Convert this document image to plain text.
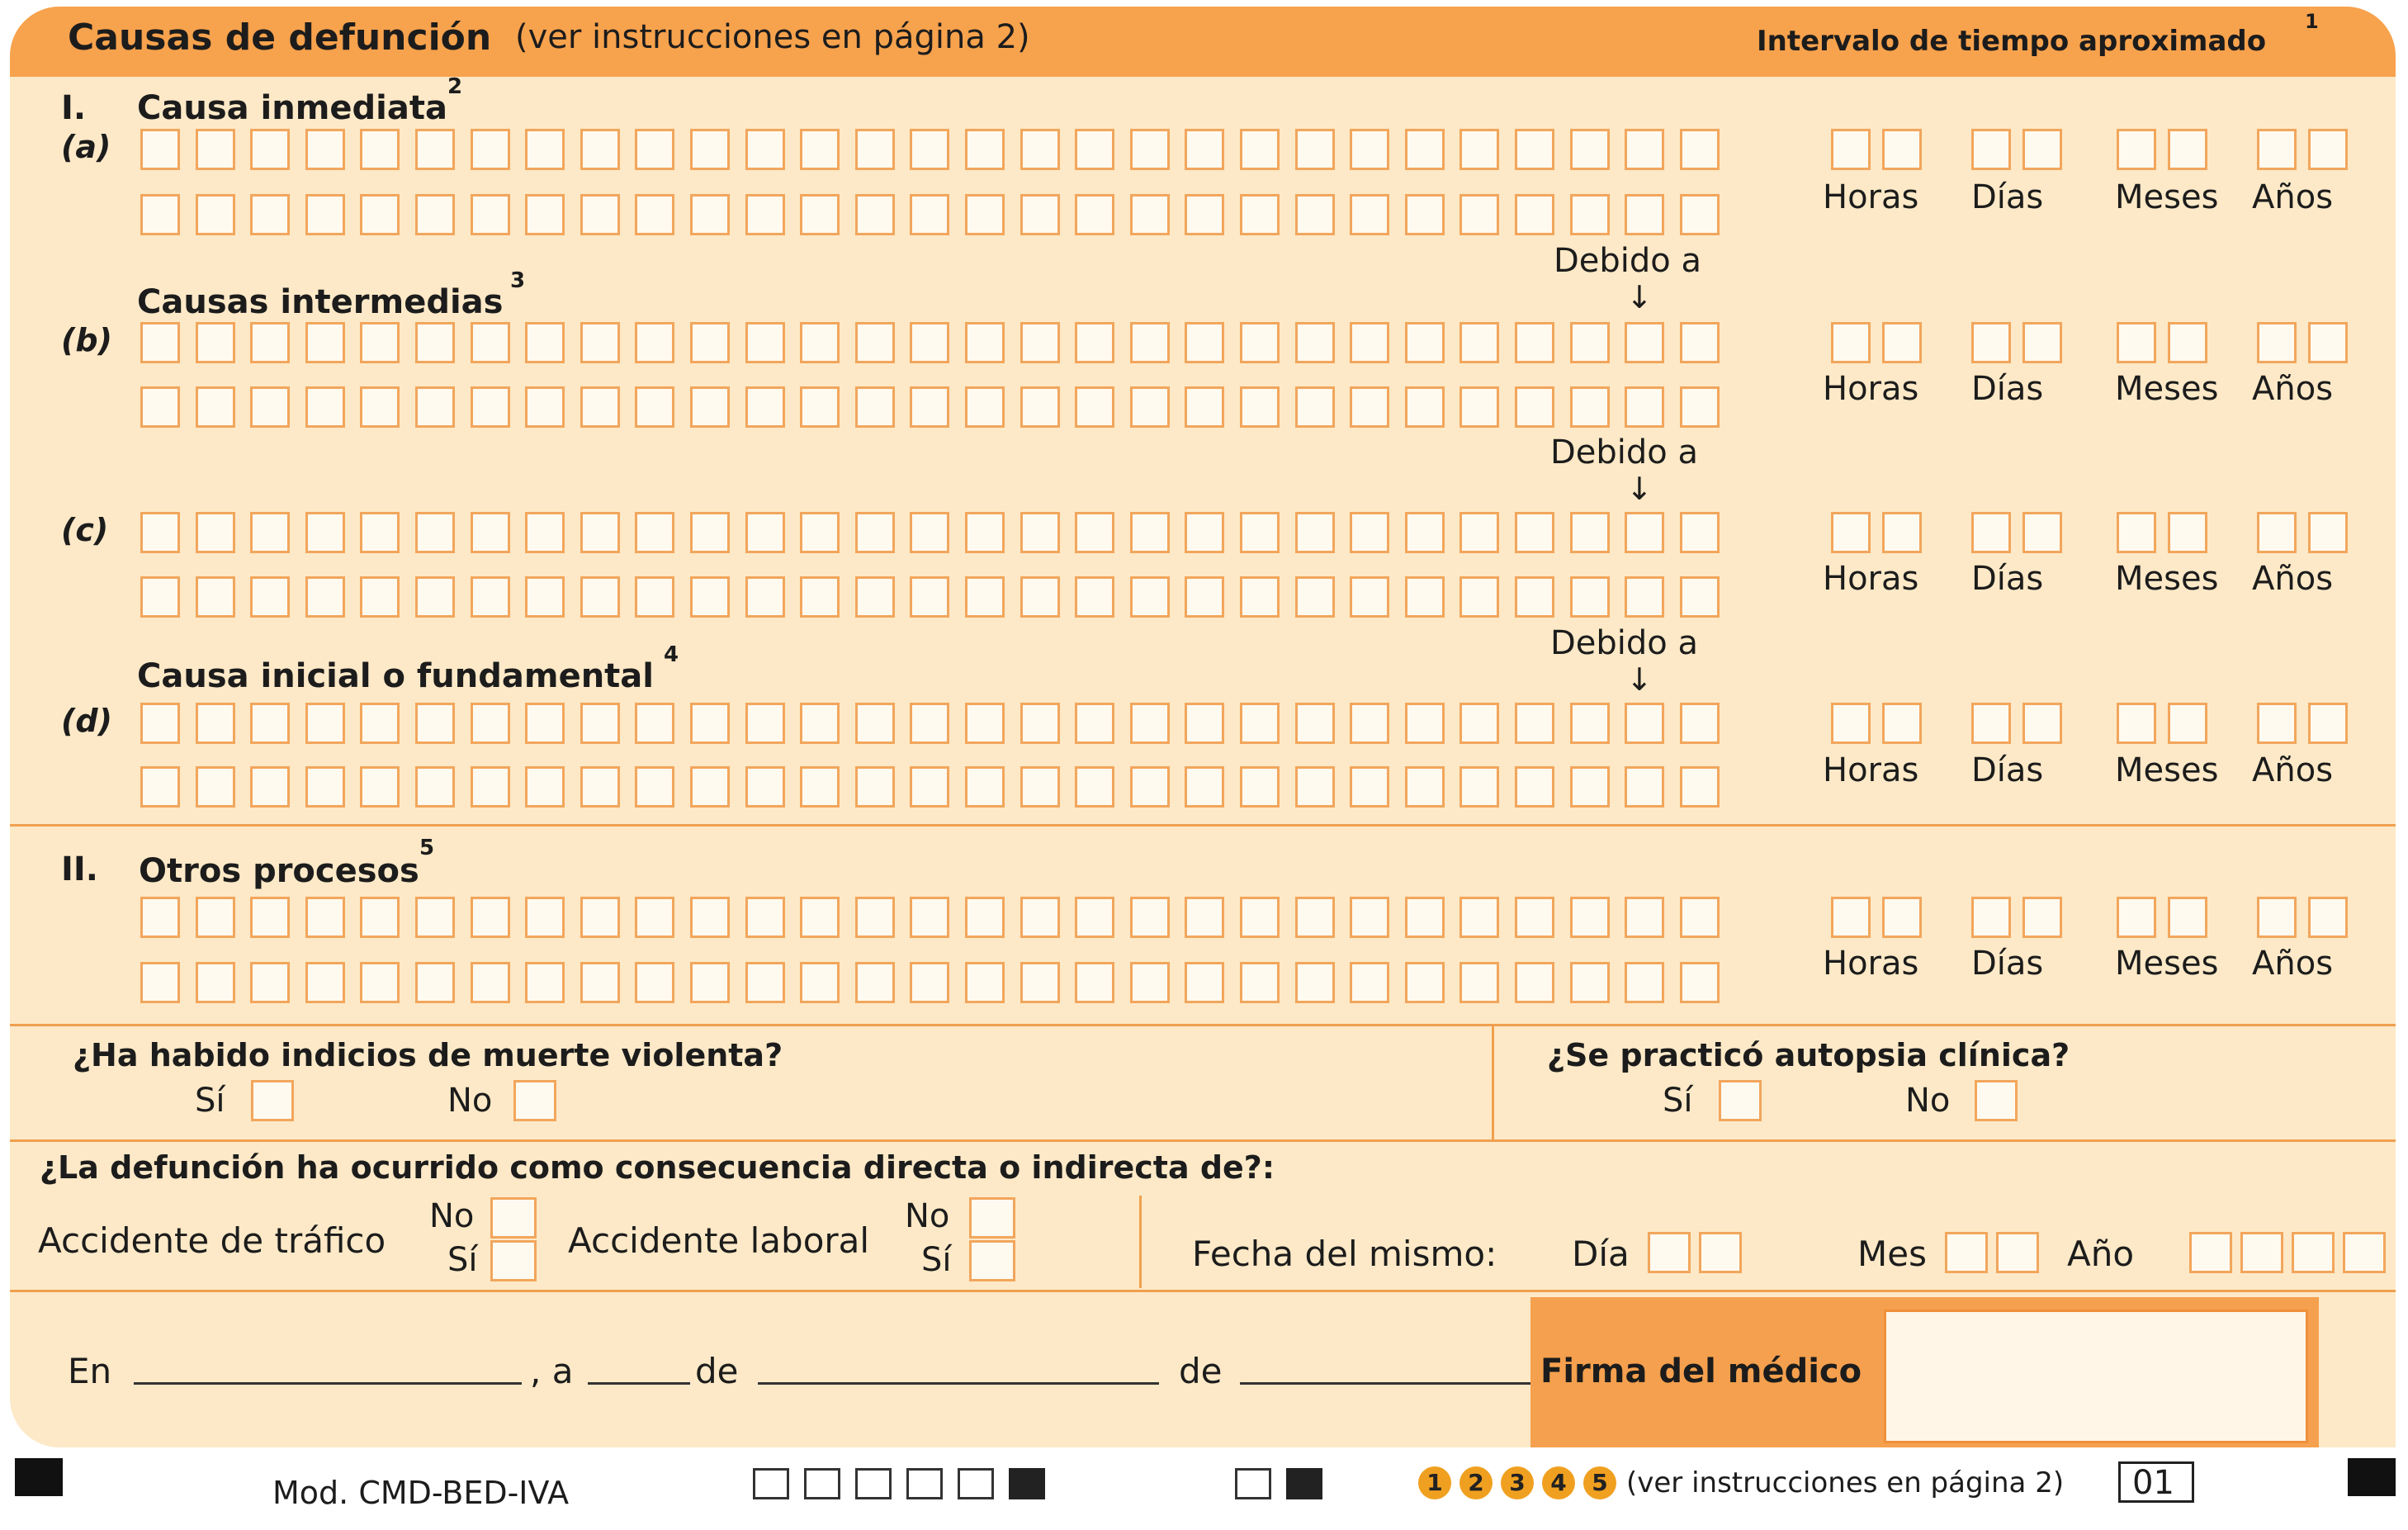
Causas de defunción (ver instrucciones en página 2)	Intervalo de tiempo aproximado
1
I. Causa inmediata
2
(a)
Causas intermedias
3
(b)
(c)
Causa inicial o fundamental
4
(d)
Debido a
↓
Debido a
↓
Debido a
↓
II. Otros procesos
5
Horas Días Meses Años
Horas Días Meses Años
Horas Días Meses Años
Horas Días Meses Años
Horas Días Meses Años
¿Ha habido indicios de muerte violenta?
Sí	No
¿Se practicó autopsia clínica?
Sí	No
¿La defunción ha ocurrido como consecuencia directa o indirecta de?:
Accidente de tráfico
No
Sí	Accidente laboral
No
Sí	Fecha del mismo: Día	Mes	Año
En	, a	de	de	Firma del médico
Mod. CMD-BED-IVA	1	2	3	4	5 (ver instrucciones en página 2) 01
